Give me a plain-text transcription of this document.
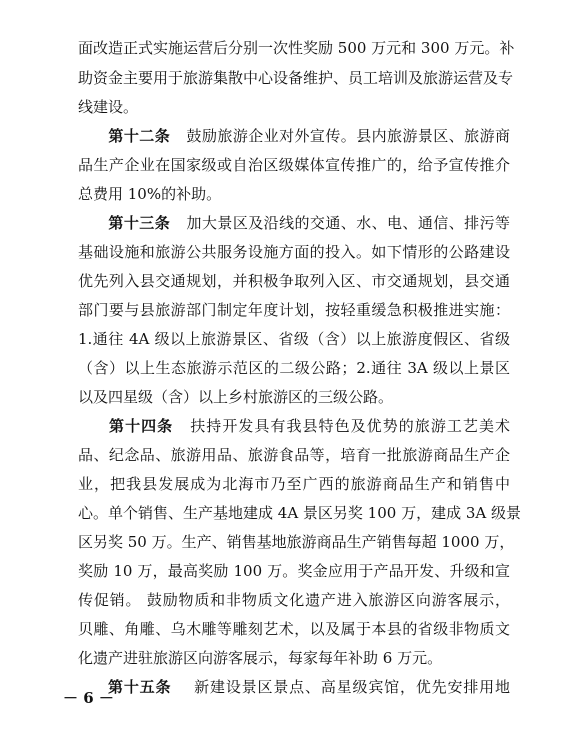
面改造正式实施运营后分别一次性奖励 500 万元和 300 万元。补
助资金主要用于旅游集散中心设备维护、员工培训及旅游运营及专
线建设。
第十二条 鼓励旅游企业对外宣传。县内旅游景区、旅游商
品生产企业在国家级或自治区级媒体宣传推广的，给予宣传推介
总费用 10%的补助。
第十三条 加大景区及沿线的交通、水、电、通信、排污等
基础设施和旅游公共服务设施方面的投入。如下情形的公路建设
优先列入县交通规划，并积极争取列入区、市交通规划，县交通
部门要与县旅游部门制定年度计划，按轻重缓急积极推进实施：
1.通往 4A 级以上旅游景区、省级（含）以上旅游度假区、省级
（含）以上生态旅游示范区的二级公路；2.通往 3A 级以上景区
以及四星级（含）以上乡村旅游区的三级公路。
第十四条 扶持开发具有我县特色及优势的旅游工艺美术
品、纪念品、旅游用品、旅游食品等，培育一批旅游商品生产企
业，把我县发展成为北海市乃至广西的旅游商品生产和销售中
心。单个销售、生产基地建成 4A 景区另奖 100 万，建成 3A 级景
区另奖 50 万。生产、销售基地旅游商品生产销售每超 1000 万，
奖励 10 万，最高奖励 100 万。奖金应用于产品开发、升级和宣
传促销。 鼓励物质和非物质文化遗产进入旅游区向游客展示，
贝雕、角雕、乌木雕等雕刻艺术，以及属于本县的省级非物质文
化遗产进驻旅游区向游客展示，每家每年补助 6 万元。
第十五条 新建设景区景点、高星级宾馆，优先安排用地
－ 6 －
